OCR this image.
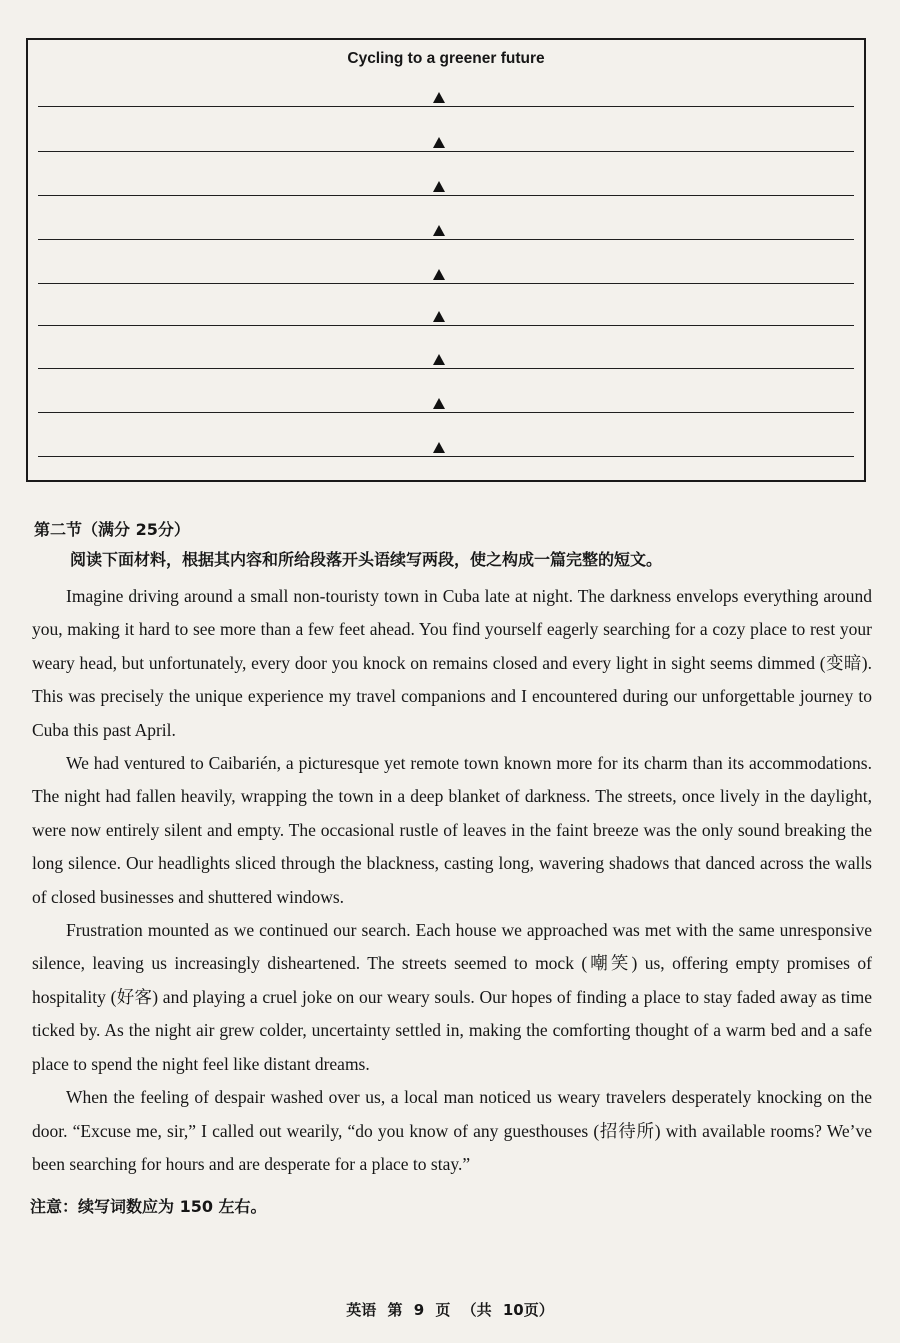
Cycling to a greener future
第二节（满分 25分）
阅读下面材料，根据其内容和所给段落开头语续写两段，使之构成一篇完整的短文。

Imagine driving around a small non-touristy town in Cuba late at night. The darkness envelops everything around you, making it hard to see more than a few feet ahead. You find yourself eagerly searching for a cozy place to rest your weary head, but unfortunately, every door you knock on remains closed and every light in sight seems dimmed (变暗). This was precisely the unique experience my travel companions and I encountered during our unforgettable journey to Cuba this past April.

We had ventured to Caibarién, a picturesque yet remote town known more for its charm than its accommodations. The night had fallen heavily, wrapping the town in a deep blanket of darkness. The streets, once lively in the daylight, were now entirely silent and empty. The occasional rustle of leaves in the faint breeze was the only sound breaking the long silence. Our headlights sliced through the blackness, casting long, wavering shadows that danced across the walls of closed businesses and shuttered windows.

Frustration mounted as we continued our search. Each house we approached was met with the same unresponsive silence, leaving us increasingly disheartened. The streets seemed to mock (嘲笑) us, offering empty promises of hospitality (好客) and playing a cruel joke on our weary souls. Our hopes of finding a place to stay faded away as time ticked by. As the night air grew colder, uncertainty settled in, making the comforting thought of a warm bed and a safe place to spend the night feel like distant dreams.

When the feeling of despair washed over us, a local man noticed us weary travelers desperately knocking on the door. “Excuse me, sir,” I called out wearily, “do you know of any guesthouses (招待所) with available rooms? We’ve been searching for hours and are desperate for a place to stay.”

注意：续写词数应为 150 左右。
英语 第 9 页 （共 10页）
